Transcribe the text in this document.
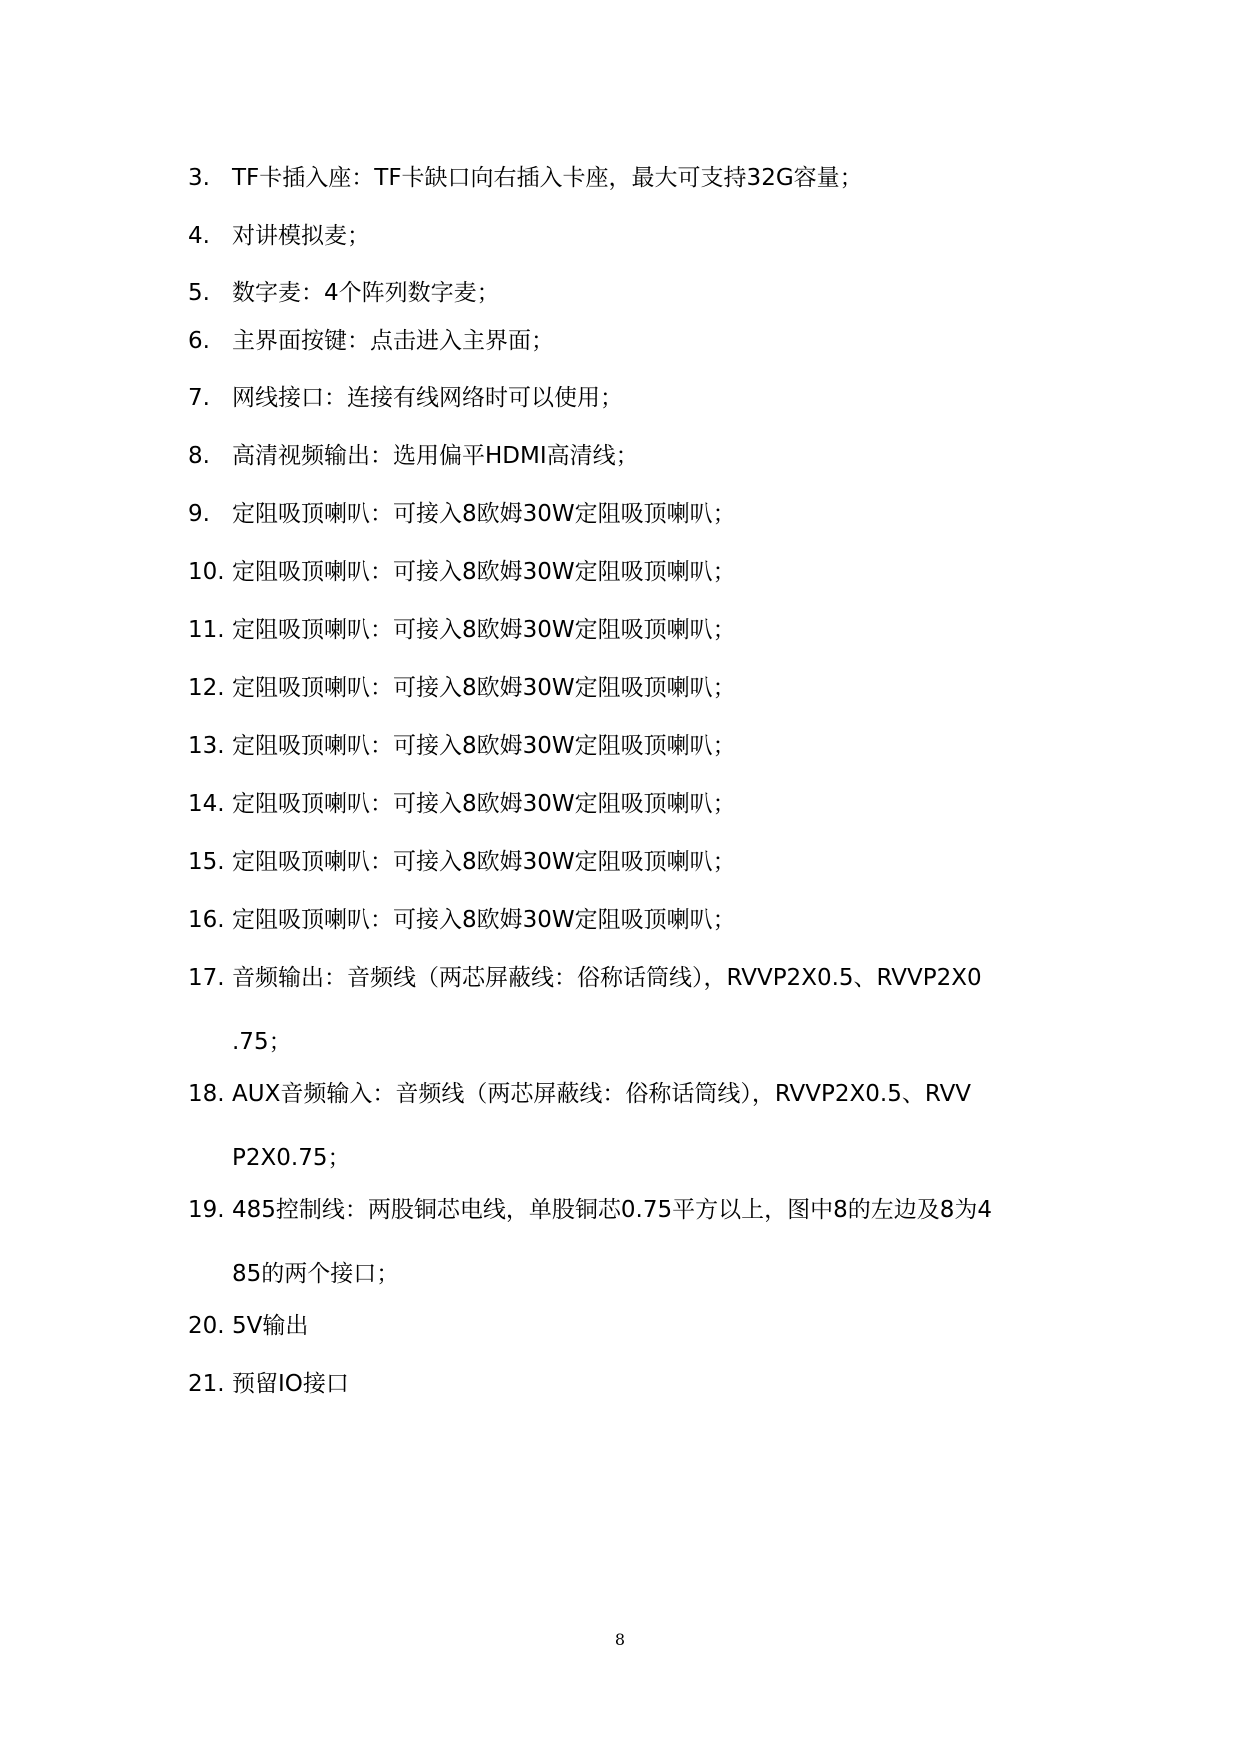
3. TF卡插入座：TF卡缺口向右插入卡座，最大可支持32G容量；
4. 对讲模拟麦；
5. 数字麦：4个阵列数字麦；
6. 主界面按键：点击进入主界面；
7. 网线接口：连接有线网络时可以使用；
8. 高清视频输出：选用偏平HDMI高清线；
9. 定阻吸顶喇叭：可接入8欧姆30W定阻吸顶喇叭；
10. 定阻吸顶喇叭：可接入8欧姆30W定阻吸顶喇叭；
11. 定阻吸顶喇叭：可接入8欧姆30W定阻吸顶喇叭；
12. 定阻吸顶喇叭：可接入8欧姆30W定阻吸顶喇叭；
13. 定阻吸顶喇叭：可接入8欧姆30W定阻吸顶喇叭；
14. 定阻吸顶喇叭：可接入8欧姆30W定阻吸顶喇叭；
15. 定阻吸顶喇叭：可接入8欧姆30W定阻吸顶喇叭；
16. 定阻吸顶喇叭：可接入8欧姆30W定阻吸顶喇叭；
17. 音频输出：音频线（两芯屏蔽线：俗称话筒线），RVVP2X0.5、RVVP2X0
.75；
18. AUX音频输入：音频线（两芯屏蔽线：俗称话筒线），RVVP2X0.5、RVV
P2X0.75；
19. 485控制线：两股铜芯电线，单股铜芯0.75平方以上，图中8的左边及8为4
85的两个接口；
20. 5V输出
21. 预留IO接口
8
